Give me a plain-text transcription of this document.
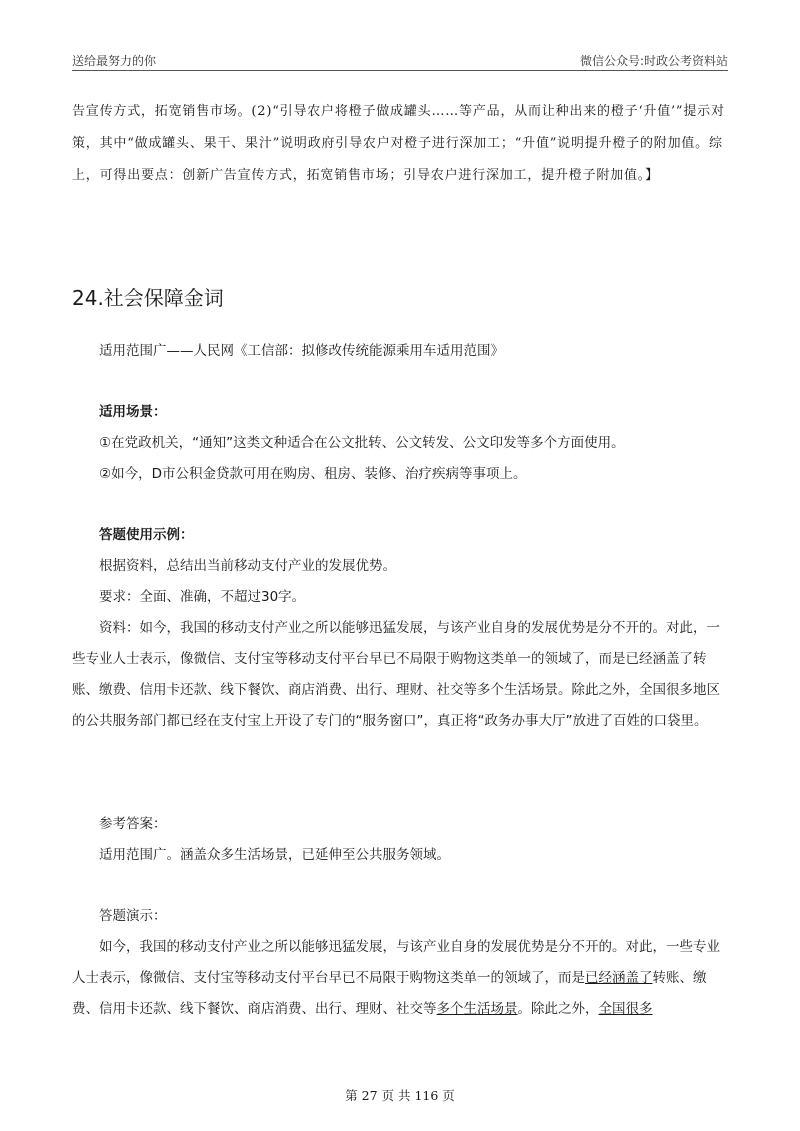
送给最努力的你	微信公众号:时政公考资料站

告宣传方式，拓宽销售市场。(2)“引导农户将橙子做成罐头……等产品，从而让种出来的橙子‘升值’”提示对策，其中“做成罐头、果干、果汁”说明政府引导农户对橙子进行深加工；“升值”说明提升橙子的附加值。综上，可得出要点：创新广告宣传方式，拓宽销售市场；引导农户进行深加工，提升橙子附加值。】

24.社会保障金词

适用范围广——人民网《工信部：拟修改传统能源乘用车适用范围》

适用场景：

①在党政机关，“通知”这类文种适合在公文批转、公文转发、公文印发等多个方面使用。

②如今，D市公积金贷款可用在购房、租房、装修、治疗疾病等事项上。

答题使用示例：

根据资料，总结出当前移动支付产业的发展优势。

要求：全面、准确，不超过30字。

资料：如今，我国的移动支付产业之所以能够迅猛发展，与该产业自身的发展优势是分不开的。对此，一些专业人士表示，像微信、支付宝等移动支付平台早已不局限于购物这类单一的领域了，而是已经涵盖了转账、缴费、信用卡还款、线下餐饮、商店消费、出行、理财、社交等多个生活场景。除此之外，全国很多地区的公共服务部门都已经在支付宝上开设了专门的“服务窗口”，真正将“政务办事大厅”放进了百姓的口袋里。

参考答案：

适用范围广。涵盖众多生活场景，已延伸至公共服务领域。

答题演示：

如今，我国的移动支付产业之所以能够迅猛发展，与该产业自身的发展优势是分不开的。对此，一些专业人士表示，像微信、支付宝等移动支付平台早已不局限于购物这类单一的领域了，而是已经涵盖了转账、缴费、信用卡还款、线下餐饮、商店消费、出行、理财、社交等多个生活场景。除此之外，全国很多

第 27 页 共 116 页
